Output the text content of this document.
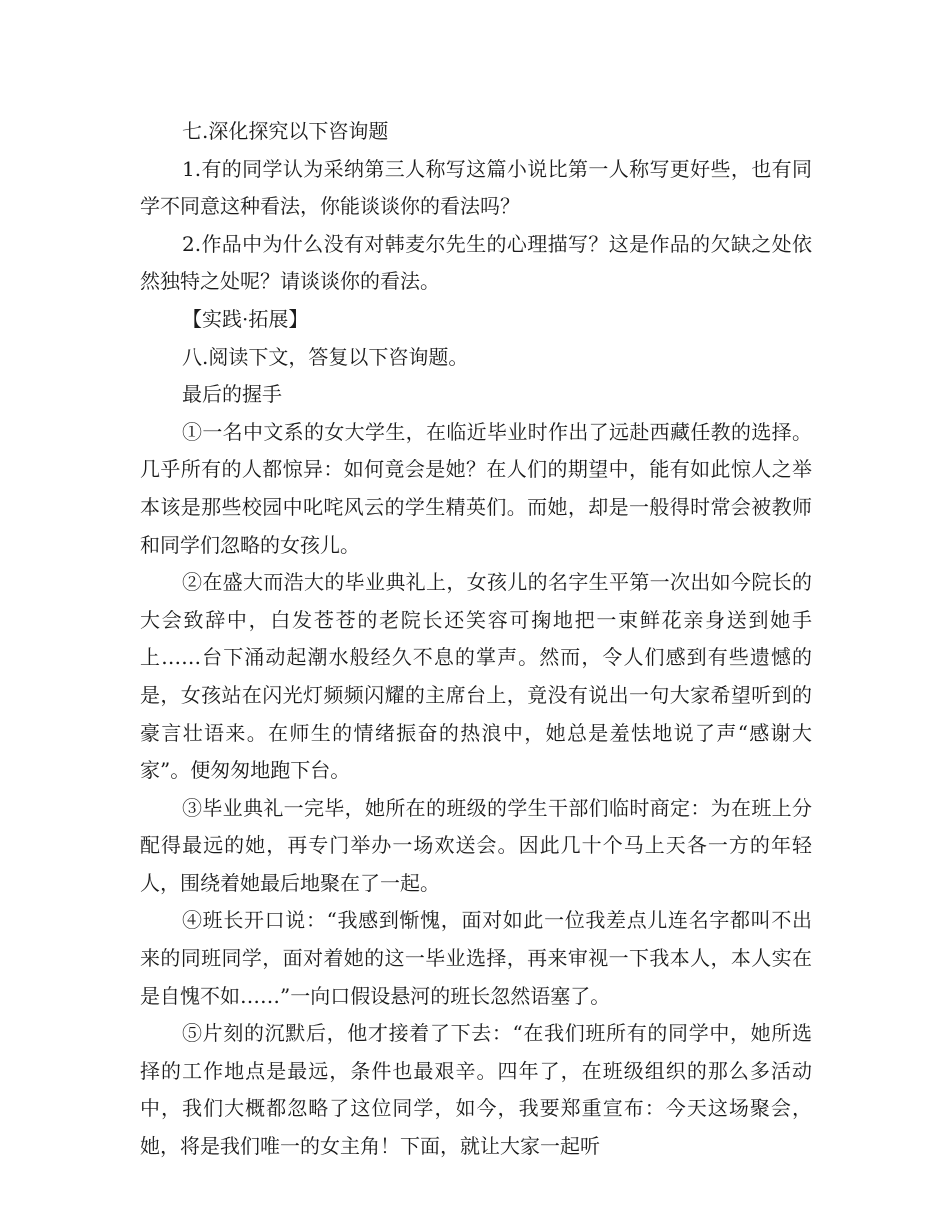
七.深化探究以下咨询题

1.有的同学认为采纳第三人称写这篇小说比第一人称写更好些，也有同学不同意这种看法，你能谈谈你的看法吗？

2.作品中为什么没有对韩麦尔先生的心理描写？这是作品的欠缺之处依然独特之处呢？请谈谈你的看法。

【实践·拓展】

八.阅读下文，答复以下咨询题。

最后的握手

①一名中文系的女大学生，在临近毕业时作出了远赴西藏任教的选择。几乎所有的人都惊异：如何竟会是她？在人们的期望中，能有如此惊人之举本该是那些校园中叱咤风云的学生精英们。而她，却是一般得时常会被教师和同学们忽略的女孩儿。

②在盛大而浩大的毕业典礼上，女孩儿的名字生平第一次出如今院长的大会致辞中，白发苍苍的老院长还笑容可掬地把一束鲜花亲身送到她手上……台下涌动起潮水般经久不息的掌声。然而，令人们感到有些遗憾的是，女孩站在闪光灯频频闪耀的主席台上，竟没有说出一句大家希望听到的豪言壮语来。在师生的情绪振奋的热浪中，她总是羞怯地说了声“感谢大家”。便匆匆地跑下台。

③毕业典礼一完毕，她所在的班级的学生干部们临时商定：为在班上分配得最远的她，再专门举办一场欢送会。因此几十个马上天各一方的年轻人，围绕着她最后地聚在了一起。

④班长开口说：“我感到惭愧，面对如此一位我差点儿连名字都叫不出来的同班同学，面对着她的这一毕业选择，再来审视一下我本人，本人实在是自愧不如……”一向口假设悬河的班长忽然语塞了。

⑤片刻的沉默后，他才接着了下去：“在我们班所有的同学中，她所选择的工作地点是最远，条件也最艰辛。四年了，在班级组织的那么多活动中，我们大概都忽略了这位同学，如今，我要郑重宣布：今天这场聚会，她，将是我们唯一的女主角！下面，就让大家一起听
